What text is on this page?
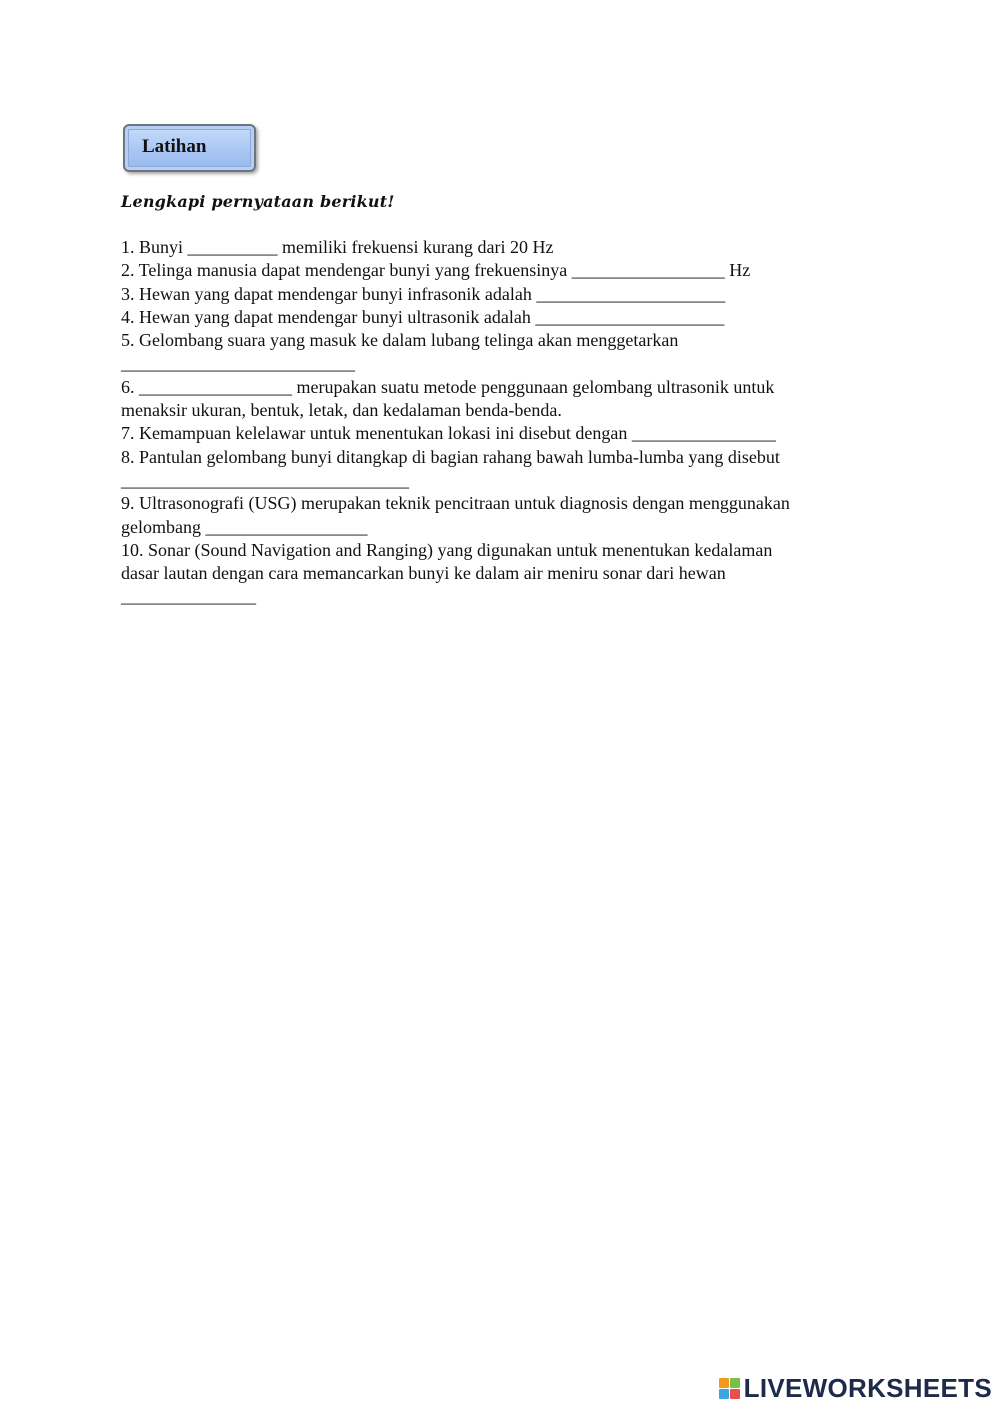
Latihan
Lengkapi pernyataan berikut!
1. Bunyi __________ memiliki frekuensi kurang dari 20 Hz
2. Telinga manusia dapat mendengar bunyi yang frekuensinya _________________ Hz
3. Hewan yang dapat mendengar bunyi infrasonik adalah _____________________
4. Hewan yang dapat mendengar bunyi ultrasonik adalah _____________________
5. Gelombang suara yang masuk ke dalam lubang telinga akan menggetarkan
__________________________
6. _________________ merupakan suatu metode penggunaan gelombang ultrasonik untuk
menaksir ukuran, bentuk, letak, dan kedalaman benda-benda.
7. Kemampuan kelelawar untuk menentukan lokasi ini disebut dengan ________________
8. Pantulan gelombang bunyi ditangkap di bagian rahang bawah lumba-lumba yang disebut
________________________________
9. Ultrasonografi (USG) merupakan teknik pencitraan untuk diagnosis dengan menggunakan
gelombang __________________
10. Sonar (Sound Navigation and Ranging) yang digunakan untuk menentukan kedalaman
dasar lautan dengan cara memancarkan bunyi ke dalam air meniru sonar dari hewan
_______________
LIVEWORKSHEETS
